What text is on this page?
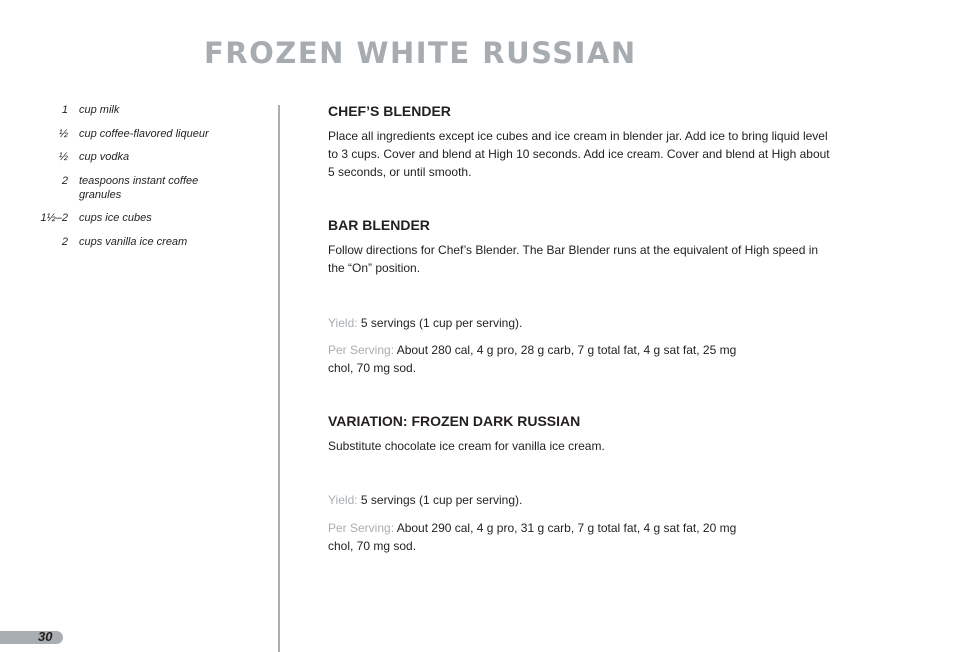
FROZEN WHITE RUSSIAN
1	cup milk
½	cup coffee-flavored liqueur
½	cup vodka
2	teaspoons instant coffee granules
1½–2	cups ice cubes
2	cups vanilla ice cream
CHEF’S BLENDER

Place all ingredients except ice cubes and ice cream in blender jar. Add ice to bring liquid level to 3 cups. Cover and blend at High 10 seconds. Add ice cream. Cover and blend at High about 5 seconds, or until smooth.

BAR BLENDER

Follow directions for Chef’s Blender. The Bar Blender runs at the equivalent of High speed in the “On” position.

Yield: 5 servings (1 cup per serving).

Per Serving: About 280 cal, 4 g pro, 28 g carb, 7 g total fat, 4 g sat fat, 25 mg chol, 70 mg sod.

VARIATION: FROZEN DARK RUSSIAN

Substitute chocolate ice cream for vanilla ice cream.

Yield: 5 servings (1 cup per serving).

Per Serving: About 290 cal, 4 g pro, 31 g carb, 7 g total fat, 4 g sat fat, 20 mg chol, 70 mg sod.

30
